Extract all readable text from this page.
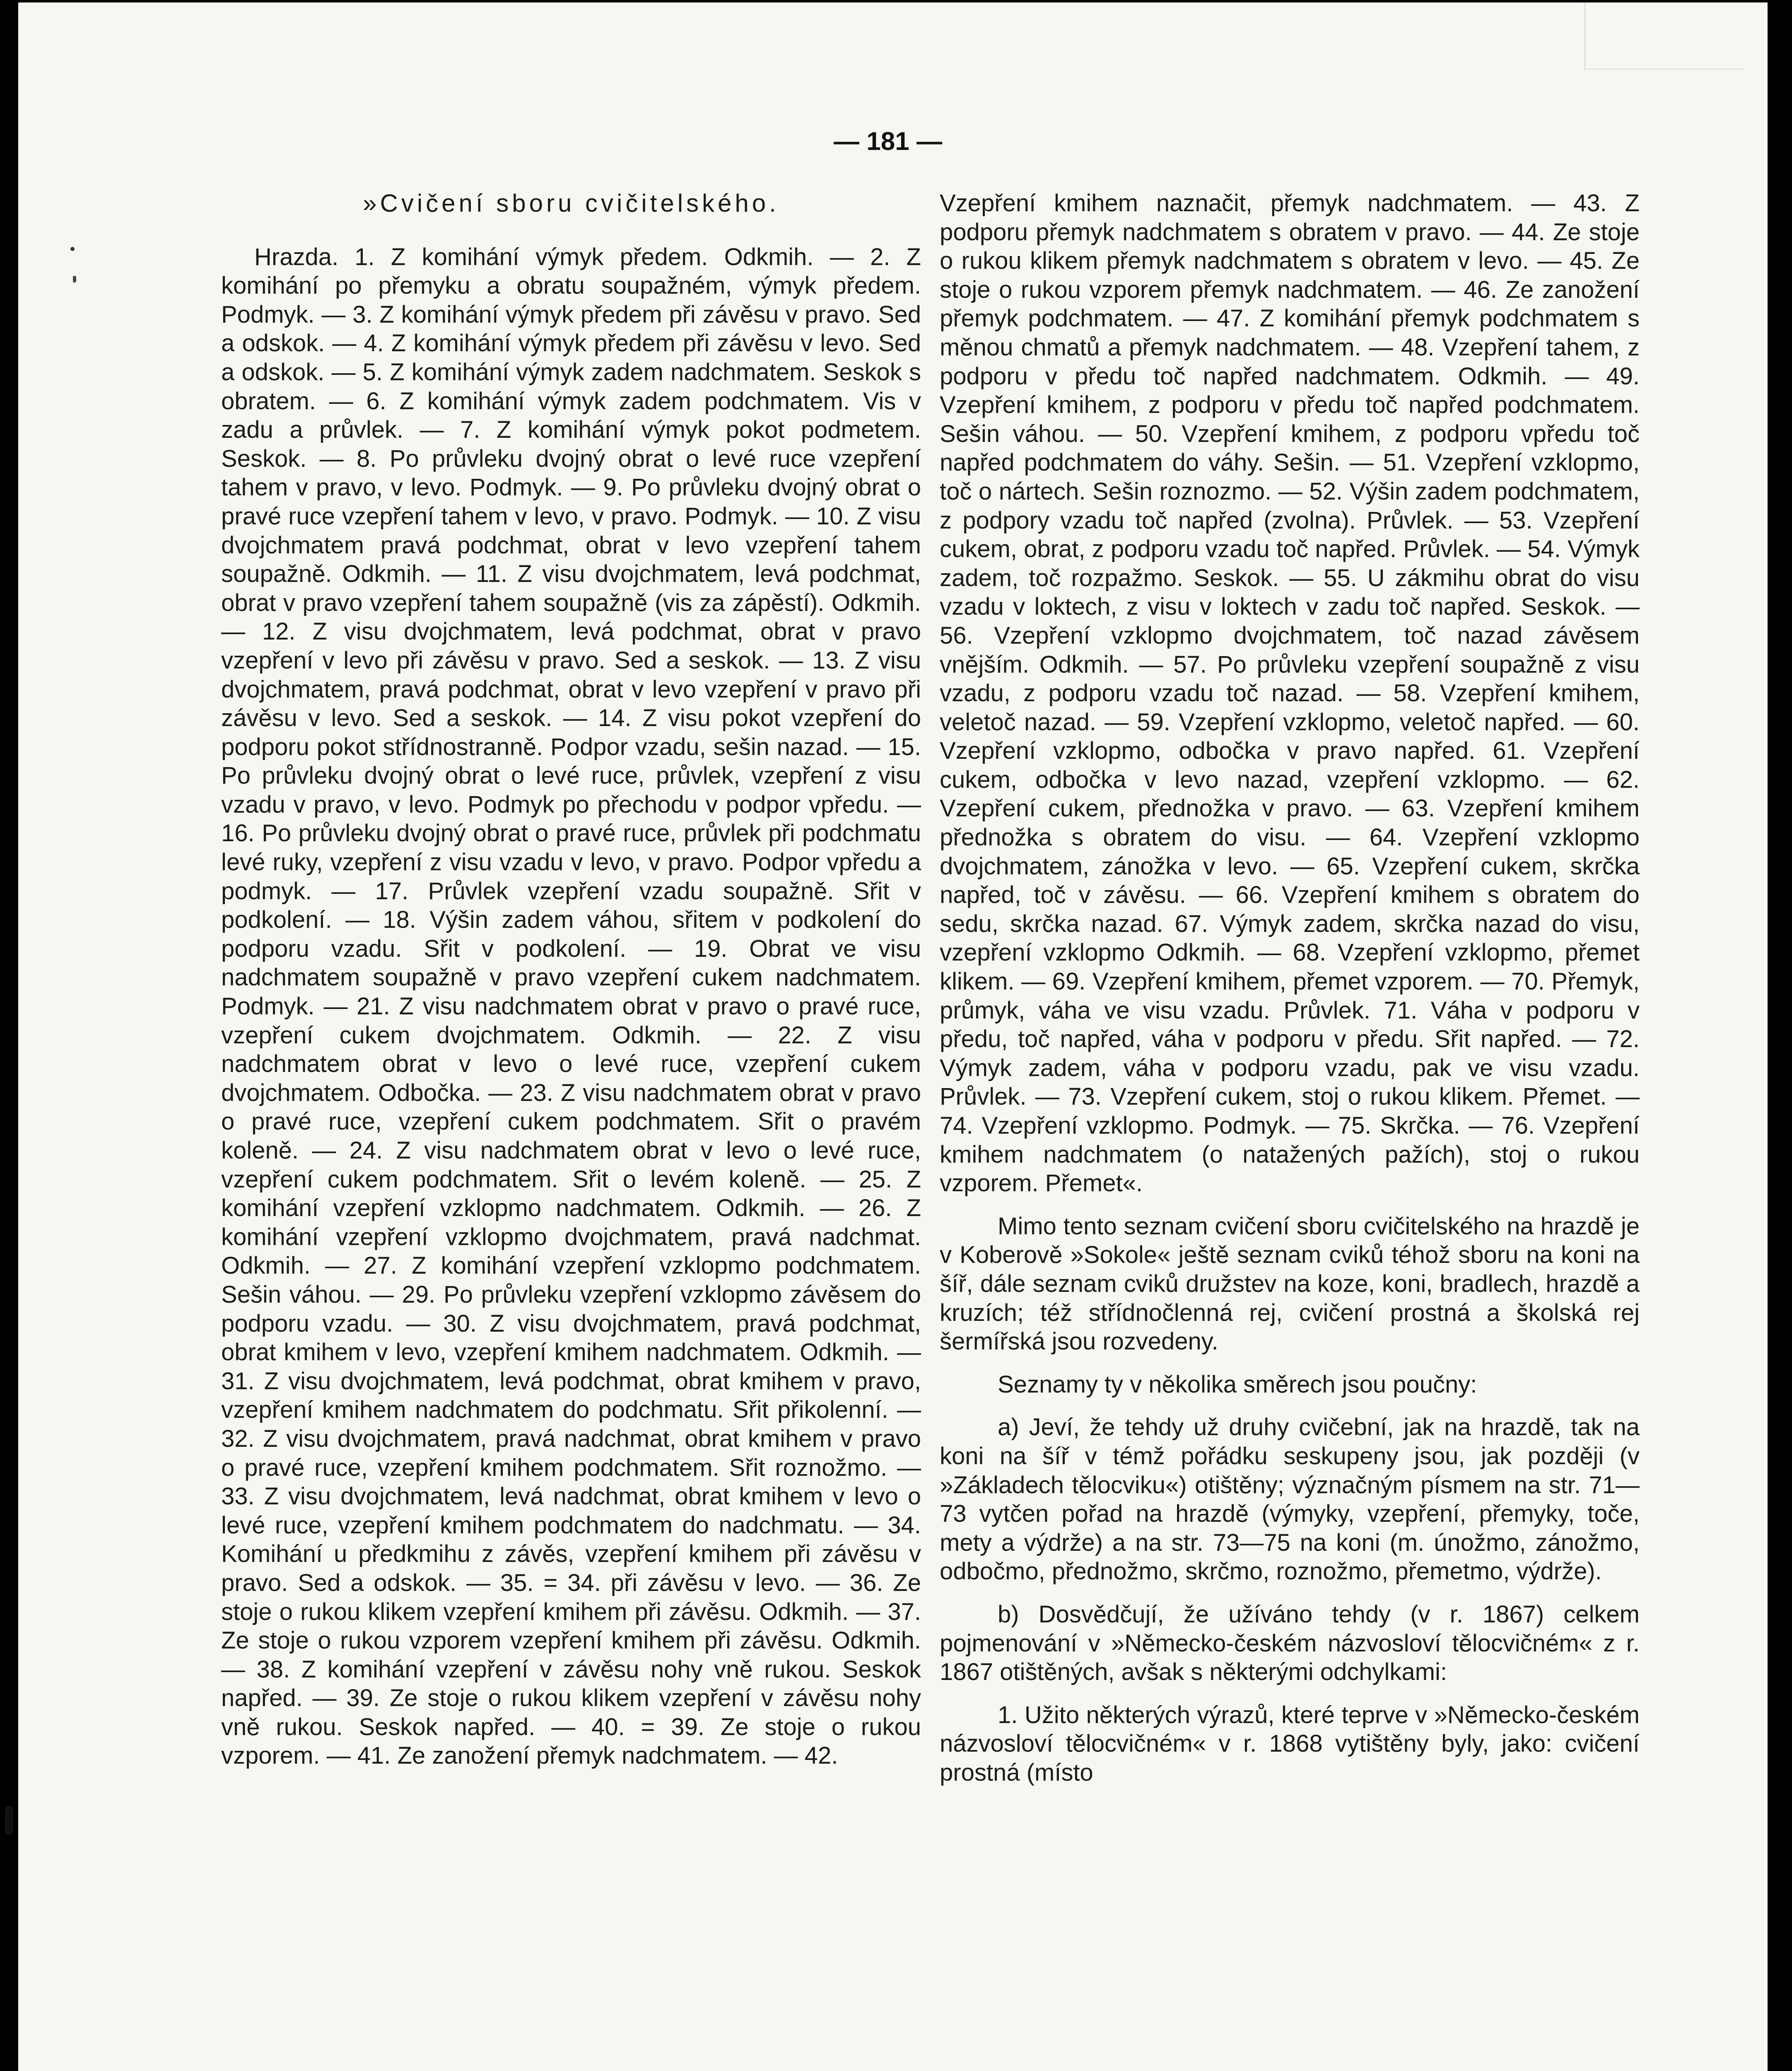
— 181 —

»Cvičení sboru cvičitelského.

Hrazda. 1. Z komihání výmyk předem. Odkmih. — 2. Z komihání po přemyku a obratu soupažném, výmyk předem. Podmyk. — 3. Z komihání výmyk předem při závěsu v pravo. Sed a odskok. — 4. Z komihání výmyk předem při závěsu v levo. Sed a odskok. — 5. Z komihání výmyk zadem nadchmatem. Seskok s obratem. — 6. Z komihání výmyk zadem podchmatem. Vis v zadu a průvlek. — 7. Z komihání výmyk pokot podmetem. Seskok. — 8. Po průvleku dvojný obrat o levé ruce vzepření tahem v pravo, v levo. Podmyk. — 9. Po průvleku dvojný obrat o pravé ruce vzepření tahem v levo, v pravo. Podmyk. — 10. Z visu dvojchmatem pravá podchmat, obrat v levo vzepření tahem soupažně. Odkmih. — 11. Z visu dvojchmatem, levá podchmat, obrat v pravo vzepření tahem soupažně (vis za zápěstí). Odkmih. — 12. Z visu dvojchmatem, levá podchmat, obrat v pravo vzepření v levo při závěsu v pravo. Sed a seskok. — 13. Z visu dvojchmatem, pravá podchmat, obrat v levo vzepření v pravo při závěsu v levo. Sed a seskok. — 14. Z visu pokot vzepření do podporu pokot střídnostranně. Podpor vzadu, sešin nazad. — 15. Po průvleku dvojný obrat o levé ruce, průvlek, vzepření z visu vzadu v pravo, v levo. Podmyk po přechodu v podpor vpředu. — 16. Po průvleku dvojný obrat o pravé ruce, průvlek při podchmatu levé ruky, vzepření z visu vzadu v levo, v pravo. Podpor vpředu a podmyk. — 17. Průvlek vzepření vzadu soupažně. Sřit v podkolení. — 18. Výšin zadem váhou, sřitem v podkolení do podporu vzadu. Sřit v podkolení. — 19. Obrat ve visu nadchmatem soupažně v pravo vzepření cukem nadchmatem. Podmyk. — 21. Z visu nadchmatem obrat v pravo o pravé ruce, vzepření cukem dvojchmatem. Odkmih. — 22. Z visu nadchmatem obrat v levo o levé ruce, vzepření cukem dvojchmatem. Odbočka. — 23. Z visu nadchmatem obrat v pravo o pravé ruce, vzepření cukem podchmatem. Sřit o pravém koleně. — 24. Z visu nadchmatem obrat v levo o levé ruce, vzepření cukem podchmatem. Sřit o levém koleně. — 25. Z komihání vzepření vzklopmo nadchmatem. Odkmih. — 26. Z komihání vzepření vzklopmo dvojchmatem, pravá nadchmat. Odkmih. — 27. Z komihání vzepření vzklopmo podchmatem. Sešin váhou. — 29. Po průvleku vzepření vzklopmo závěsem do podporu vzadu. — 30. Z visu dvojchmatem, pravá podchmat, obrat kmihem v levo, vzepření kmihem nadchmatem. Odkmih. — 31. Z visu dvojchmatem, levá podchmat, obrat kmihem v pravo, vzepření kmihem nadchmatem do podchmatu. Sřit přikolenní. — 32. Z visu dvojchmatem, pravá nadchmat, obrat kmihem v pravo o pravé ruce, vzepření kmihem podchmatem. Sřit roznožmo. — 33. Z visu dvojchmatem, levá nadchmat, obrat kmihem v levo o levé ruce, vzepření kmihem podchmatem do nadchmatu. — 34. Komihání u předkmihu z závěs, vzepření kmihem při závěsu v pravo. Sed a odskok. — 35. = 34. při závěsu v levo. — 36. Ze stoje o rukou klikem vzepření kmihem při závěsu. Odkmih. — 37. Ze stoje o rukou vzporem vzepření kmihem při závěsu. Odkmih. — 38. Z komihání vzepření v závěsu nohy vně rukou. Seskok napřed. — 39. Ze stoje o rukou klikem vzepření v závěsu nohy vně rukou. Seskok napřed. — 40. = 39. Ze stoje o rukou vzporem. — 41. Ze zanožení přemyk nadchmatem. — 42.

Vzepření kmihem naznačit, přemyk nadchmatem. — 43. Z podporu přemyk nadchmatem s obratem v pravo. — 44. Ze stoje o rukou klikem přemyk nadchmatem s obratem v levo. — 45. Ze stoje o rukou vzporem přemyk nadchmatem. — 46. Ze zanožení přemyk podchmatem. — 47. Z komihání přemyk podchmatem s měnou chmatů a přemyk nadchmatem. — 48. Vzepření tahem, z podporu v předu toč napřed nadchmatem. Odkmih. — 49. Vzepření kmihem, z podporu v předu toč napřed podchmatem. Sešin váhou. — 50. Vzepření kmihem, z podporu vpředu toč napřed podchmatem do váhy. Sešin. — 51. Vzepření vzklopmo, toč o nártech. Sešin roznozmo. — 52. Výšin zadem podchmatem, z podpory vzadu toč napřed (zvolna). Průvlek. — 53. Vzepření cukem, obrat, z podporu vzadu toč napřed. Průvlek. — 54. Výmyk zadem, toč rozpažmo. Seskok. — 55. U zákmihu obrat do visu vzadu v loktech, z visu v loktech v zadu toč napřed. Seskok. — 56. Vzepření vzklopmo dvojchmatem, toč nazad závěsem vnějším. Odkmih. — 57. Po průvleku vzepření soupažně z visu vzadu, z podporu vzadu toč nazad. — 58. Vzepření kmihem, veletoč nazad. — 59. Vzepření vzklopmo, veletoč napřed. — 60. Vzepření vzklopmo, odbočka v pravo napřed. 61. Vzepření cukem, odbočka v levo nazad, vzepření vzklopmo. — 62. Vzepření cukem, přednožka v pravo. — 63. Vzepření kmihem přednožka s obratem do visu. — 64. Vzepření vzklopmo dvojchmatem, zánožka v levo. — 65. Vzepření cukem, skrčka napřed, toč v závěsu. — 66. Vzepření kmihem s obratem do sedu, skrčka nazad. 67. Výmyk zadem, skrčka nazad do visu, vzepření vzklopmo Odkmih. — 68. Vzepření vzklopmo, přemet klikem. — 69. Vzepření kmihem, přemet vzporem. — 70. Přemyk, průmyk, váha ve visu vzadu. Průvlek. 71. Váha v podporu v předu, toč napřed, váha v podporu v předu. Sřit napřed. — 72. Výmyk zadem, váha v podporu vzadu, pak ve visu vzadu. Průvlek. — 73. Vzepření cukem, stoj o rukou klikem. Přemet. — 74. Vzepření vzklopmo. Podmyk. — 75. Skrčka. — 76. Vzepření kmihem nadchmatem (o natažených pažích), stoj o rukou vzporem. Přemet«.

Mimo tento seznam cvičení sboru cvičitelského na hrazdě je v Koberově »Sokole« ještě seznam cviků téhož sboru na koni na šíř, dále seznam cviků družstev na koze, koni, bradlech, hrazdě a kruzích; též střídnočlenná rej, cvičení prostná a školská rej šermířská jsou rozvedeny.

Seznamy ty v několika směrech jsou poučny:

a) Jeví, že tehdy už druhy cvičební, jak na hrazdě, tak na koni na šíř v témž pořádku seskupeny jsou, jak později (v »Základech tělocviku«) otištěny; význačným písmem na str. 71—73 vytčen pořad na hrazdě (výmyky, vzepření, přemyky, toče, mety a výdrže) a na str. 73—75 na koni (m. únožmo, zánožmo, odbočmo, přednožmo, skrčmo, roznožmo, přemetmo, výdrže).

b) Dosvědčují, že užíváno tehdy (v r. 1867) celkem pojmenování v »Německo-českém názvosloví tělocvičném« z r. 1867 otištěných, avšak s některými odchylkami:

1. Užito některých výrazů, které teprve v »Německo-českém názvosloví tělocvičném« v r. 1868 vytištěny byly, jako: cvičení prostná (místo
